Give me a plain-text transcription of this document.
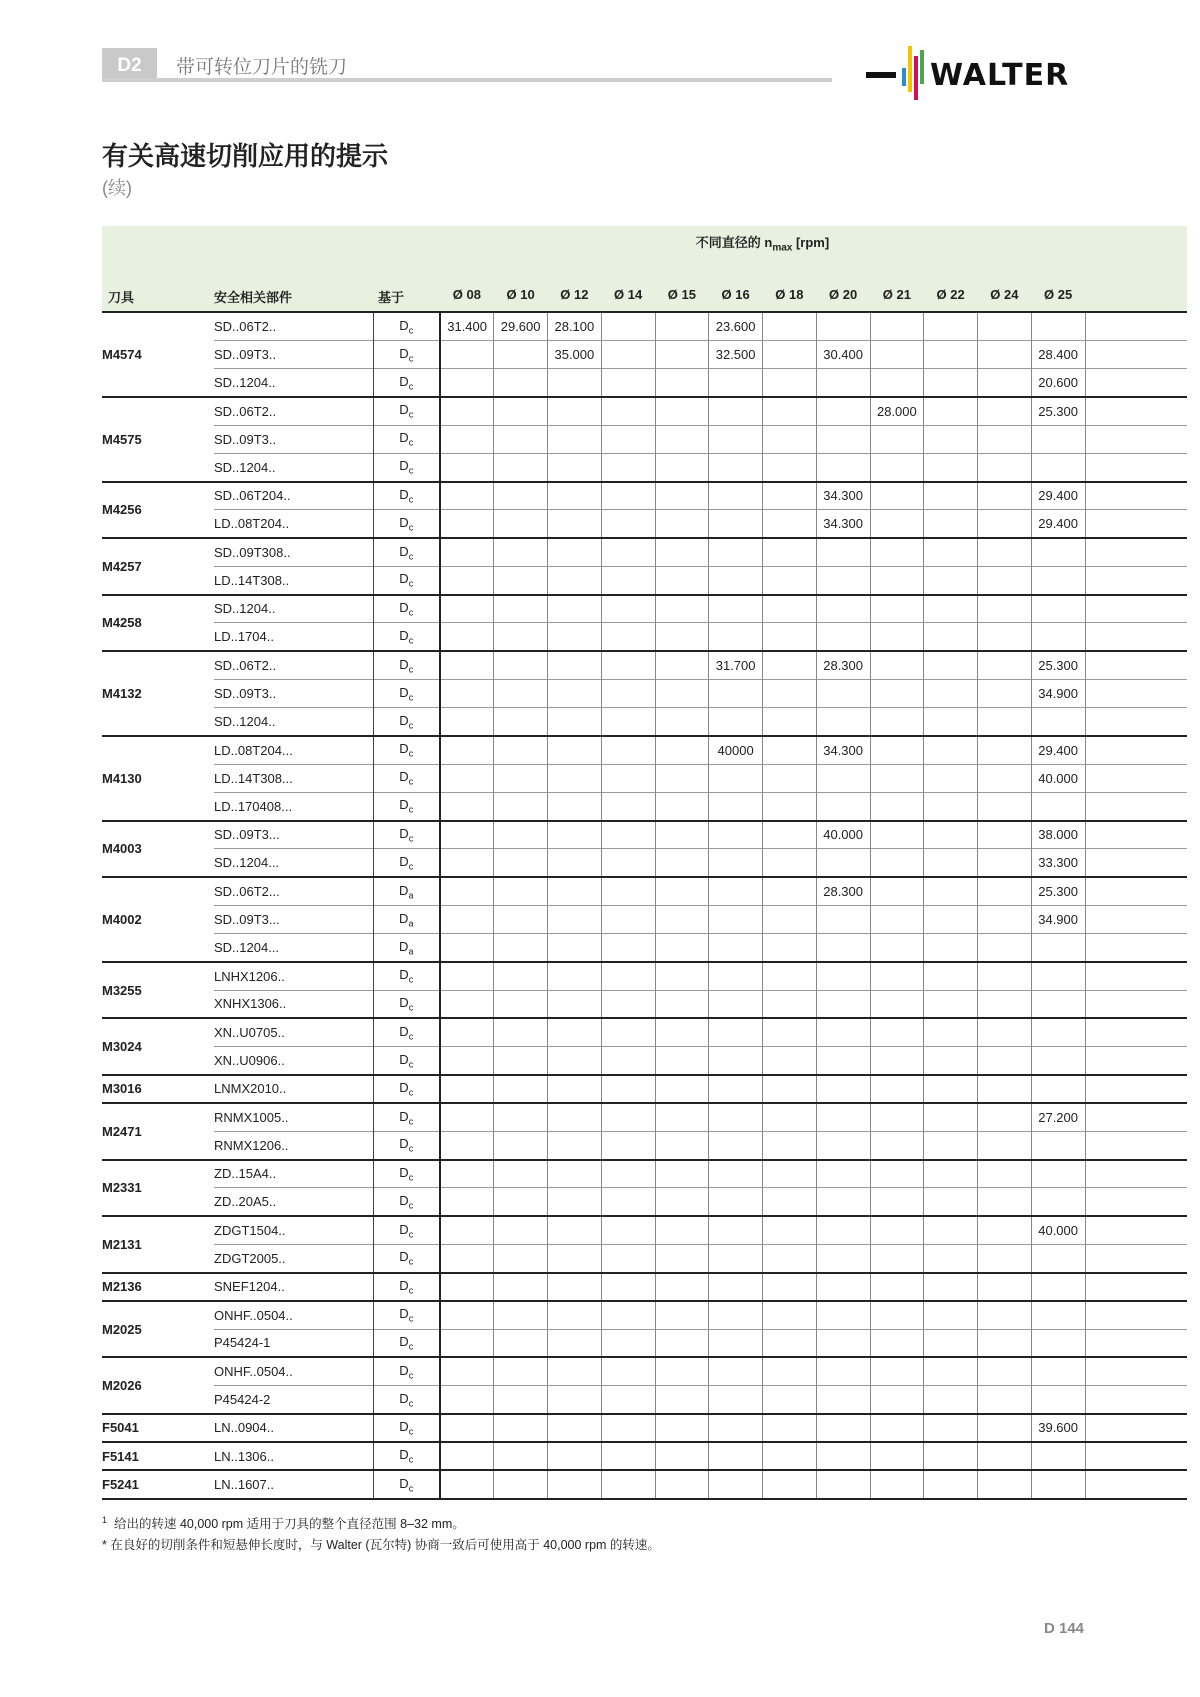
D2	带可转位刀片的铣刀	WALTER
有关高速切削应用的提示
(续)
不同直径的 $n_{max}$ [rpm]
刀具	安全相关部件	基于	Ø 08	Ø 10	Ø 12	Ø 14	Ø 15	Ø 16	Ø 18	Ø 20	Ø 21	Ø 22	Ø 24	Ø 25
M4574	SD..06T2..	$D_c$	31.400	29.600	28.100			23.600							
	SD..09T3..	$D_c$			35.000			32.500		30.400				28.400	
	SD..1204..	$D_c$												20.600	
M4575	SD..06T2..	$D_c$									28.000			25.300	
	SD..09T3..	$D_c$													
	SD..1204..	$D_c$													
M4256	SD..06T204..	$D_c$								34.300				29.400	
	LD..08T204..	$D_c$								34.300				29.400	
M4257	SD..09T308..	$D_c$													
	LD..14T308..	$D_c$													
M4258	SD..1204..	$D_c$													
	LD..1704..	$D_c$													
M4132	SD..06T2..	$D_c$						31.700		28.300				25.300	
	SD..09T3..	$D_c$												34.900	
	SD..1204..	$D_c$													
M4130	LD..08T204...	$D_c$						40000		34.300				29.400	
	LD..14T308...	$D_c$												40.000	
	LD..170408...	$D_c$													
M4003	SD..09T3...	$D_c$								40.000				38.000	
	SD..1204...	$D_c$												33.300	
M4002	SD..06T2...	$D_a$								28.300				25.300	
	SD..09T3...	$D_a$												34.900	
	SD..1204...	$D_a$													
M3255	LNHX1206..	$D_c$													
	XNHX1306..	$D_c$													
M3024	XN..U0705..	$D_c$													
	XN..U0906..	$D_c$													
M3016	LNMX2010..	$D_c$													
M2471	RNMX1005..	$D_c$												27.200	
	RNMX1206..	$D_c$													
M2331	ZD..15A4..	$D_c$													
	ZD..20A5..	$D_c$													
M2131	ZDGT1504..	$D_c$												40.000	
	ZDGT2005..	$D_c$													
M2136	SNEF1204..	$D_c$													
M2025	ONHF..0504..	$D_c$													
	P45424-1	$D_c$													
M2026	ONHF..0504..	$D_c$													
	P45424-2	$D_c$													
F5041	LN..0904..	$D_c$												39.600	
F5141	LN..1306..	$D_c$													
F5241	LN..1607..	$D_c$													
$^1$ 给出的转速 40,000 rpm 适用于刀具的整个直径范围 8–32 mm。
* 在良好的切削条件和短悬伸长度时，与 Walter (瓦尔特) 协商一致后可使用高于 40,000 rpm 的转速。
D 144
